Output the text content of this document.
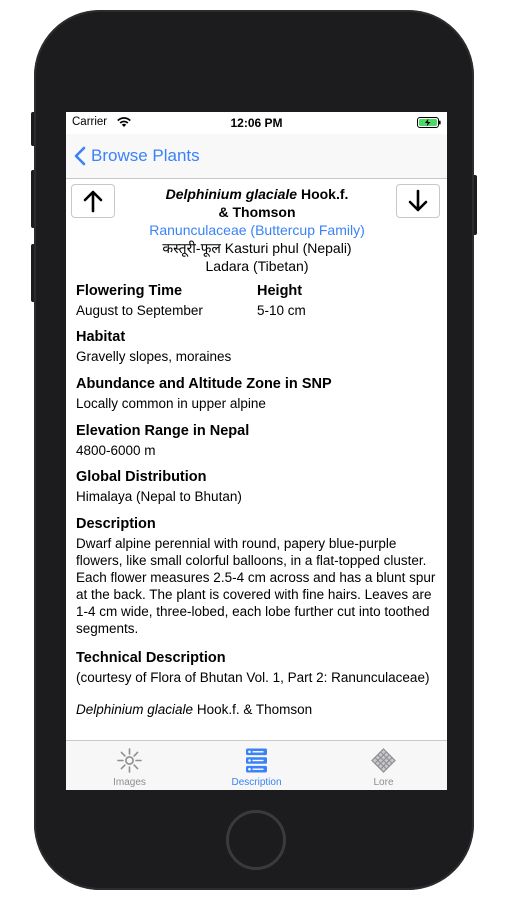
Carrier	12:06 PM
Browse Plants
Delphinium glaciale Hook.f.
& Thomson
Ranunculaceae (Buttercup Family)
कस्तूरी-फूल Kasturi phul (Nepali)
Ladara (Tibetan)
Flowering Time
August to September
Height
5-10 cm
Habitat
Gravelly slopes, moraines
Abundance and Altitude Zone in SNP
Locally common in upper alpine
Elevation Range in Nepal
4800-6000 m
Global Distribution
Himalaya (Nepal to Bhutan)
Description
Dwarf alpine perennial with round, papery blue-purple flowers, like small colorful balloons, in a flat-topped cluster. Each flower measures 2.5-4 cm across and has a blunt spur at the back. The plant is covered with fine hairs. Leaves are 1-4 cm wide, three-lobed, each lobe further cut into toothed segments.
Technical Description
(courtesy of Flora of Bhutan Vol. 1, Part 2: Ranunculaceae)
Delphinium glaciale Hook.f. & Thomson
Images	Description	Lore
